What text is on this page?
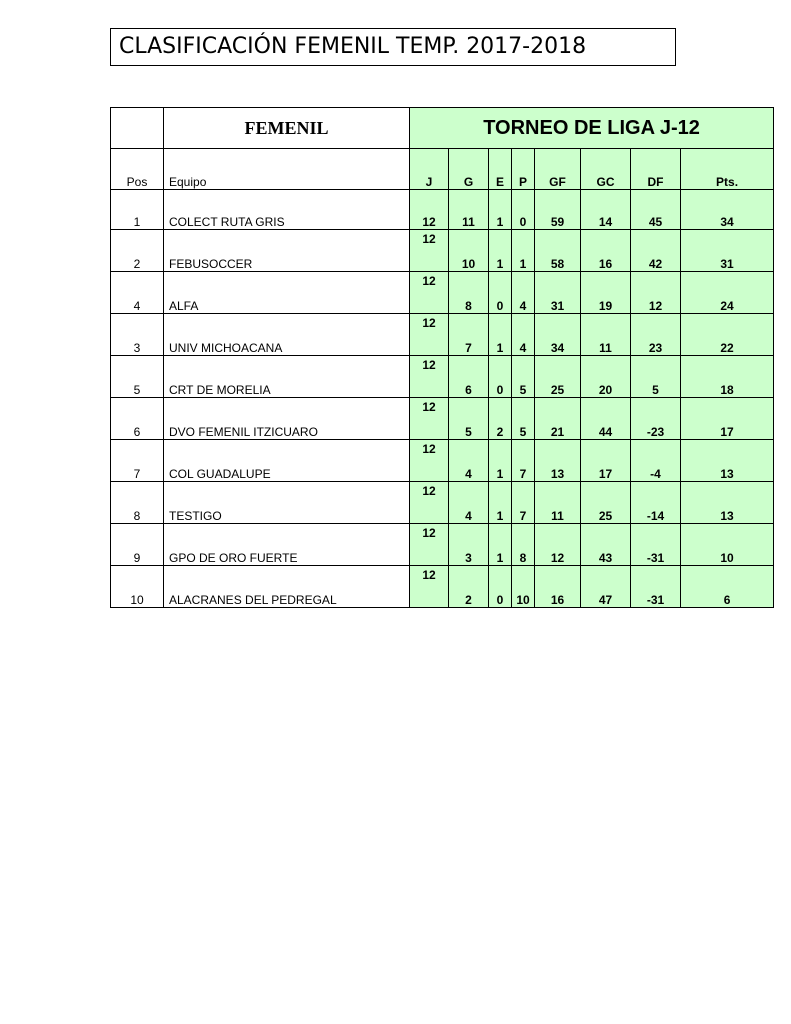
CLASIFICACIÓN FEMENIL TEMP. 2017-2018
	FEMENIL	TORNEO DE LIGA J-12							
Pos	Equipo	J	G	E	P	GF	GC	DF	Pts.
1	COLECT RUTA GRIS	12	11	1	0	59	14	45	34
2	FEBUSOCCER	12	10	1	1	58	16	42	31
4	ALFA	12	8	0	4	31	19	12	24
3	UNIV MICHOACANA	12	7	1	4	34	11	23	22
5	CRT DE MORELIA	12	6	0	5	25	20	5	18
6	DVO FEMENIL ITZICUARO	12	5	2	5	21	44	-23	17
7	COL GUADALUPE	12	4	1	7	13	17	-4	13
8	TESTIGO	12	4	1	7	11	25	-14	13
9	GPO DE ORO FUERTE	12	3	1	8	12	43	-31	10
10	ALACRANES DEL PEDREGAL	12	2	0	10	16	47	-31	6
